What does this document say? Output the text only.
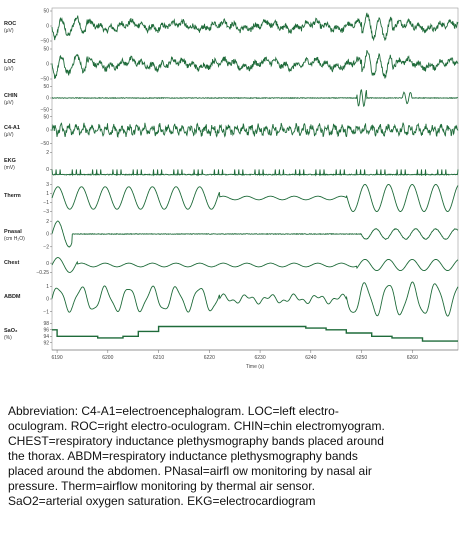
ROC
(μV)
50
0
−50
LOC
(μV)
50
0
−50
CHIN
(μV)
50
0
−50
C4-A1
(μV)
50
0
−50
EKG
(mV)
2
0
Therm
3
1
−1
−3
Pnasal
(cm H₂O)
2
0
−2
Chest	0
−0.25
ABDM
1
0
−1
SaO₂
(%)
98
96
94
92
6190	6200	6210	6220	6230	6240	6250	6260
Time (s)
Abbreviation: C4-A1=electroencephalogram. LOC=left electro-
oculogram. ROC=right electro-oculogram. CHIN=chin electromyogram.
CHEST=respiratory inductance plethysmography bands placed around
the thorax. ABDM=respiratory inductance plethysmography bands
placed around the abdomen. PNasal=airfl ow monitoring by nasal air
pressure. Therm=airflow monitoring by thermal air sensor.
SaO2=arterial oxygen saturation. EKG=electrocardiogram
